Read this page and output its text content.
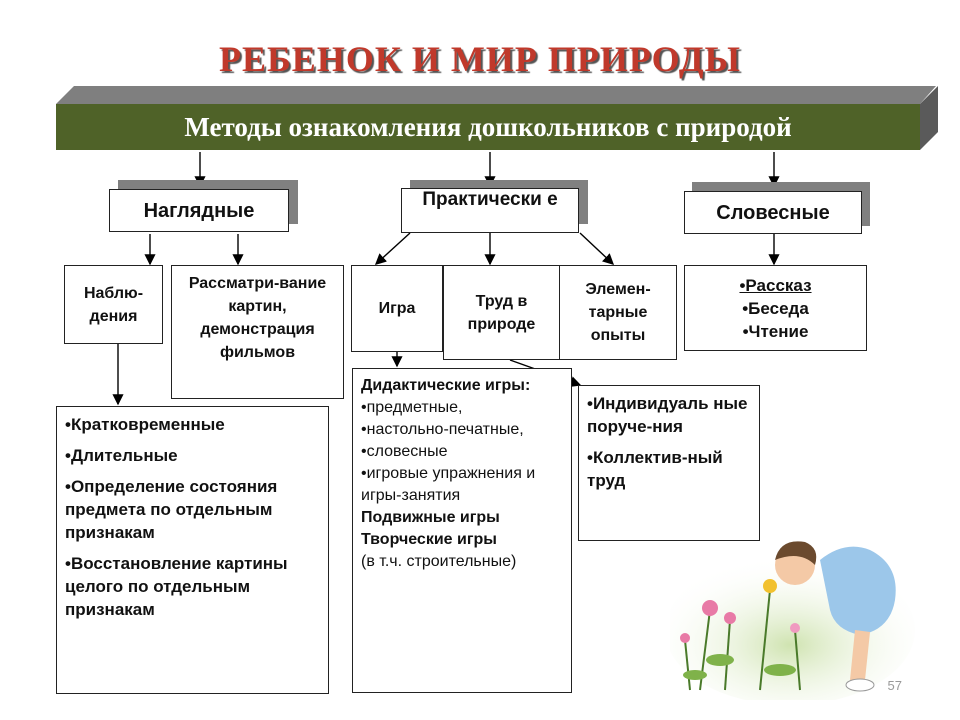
РЕБЕНОК И МИР ПРИРОДЫ
Методы ознакомления дошкольников с природой
Наглядные
Практически е
Словесные
Наблю-дения
Рассматри-вание картин, демонстрация фильмов
Игра	Труд в природе
Элемен-тарные опыты
•Рассказ
•Беседа
•Чтение
•Кратковременные
•Длительные
•Определение состояния предмета по отдельным признакам
•Восстановление картины целого по отдельным признакам
Дидактические игры:
•предметные,
•настольно-печатные,
•словесные
•игровые упражнения и игры-занятия
Подвижные игры
Творческие игры
(в т.ч. строительные)
•Индивидуаль ные поруче-ния
•Коллектив-ный труд
57
